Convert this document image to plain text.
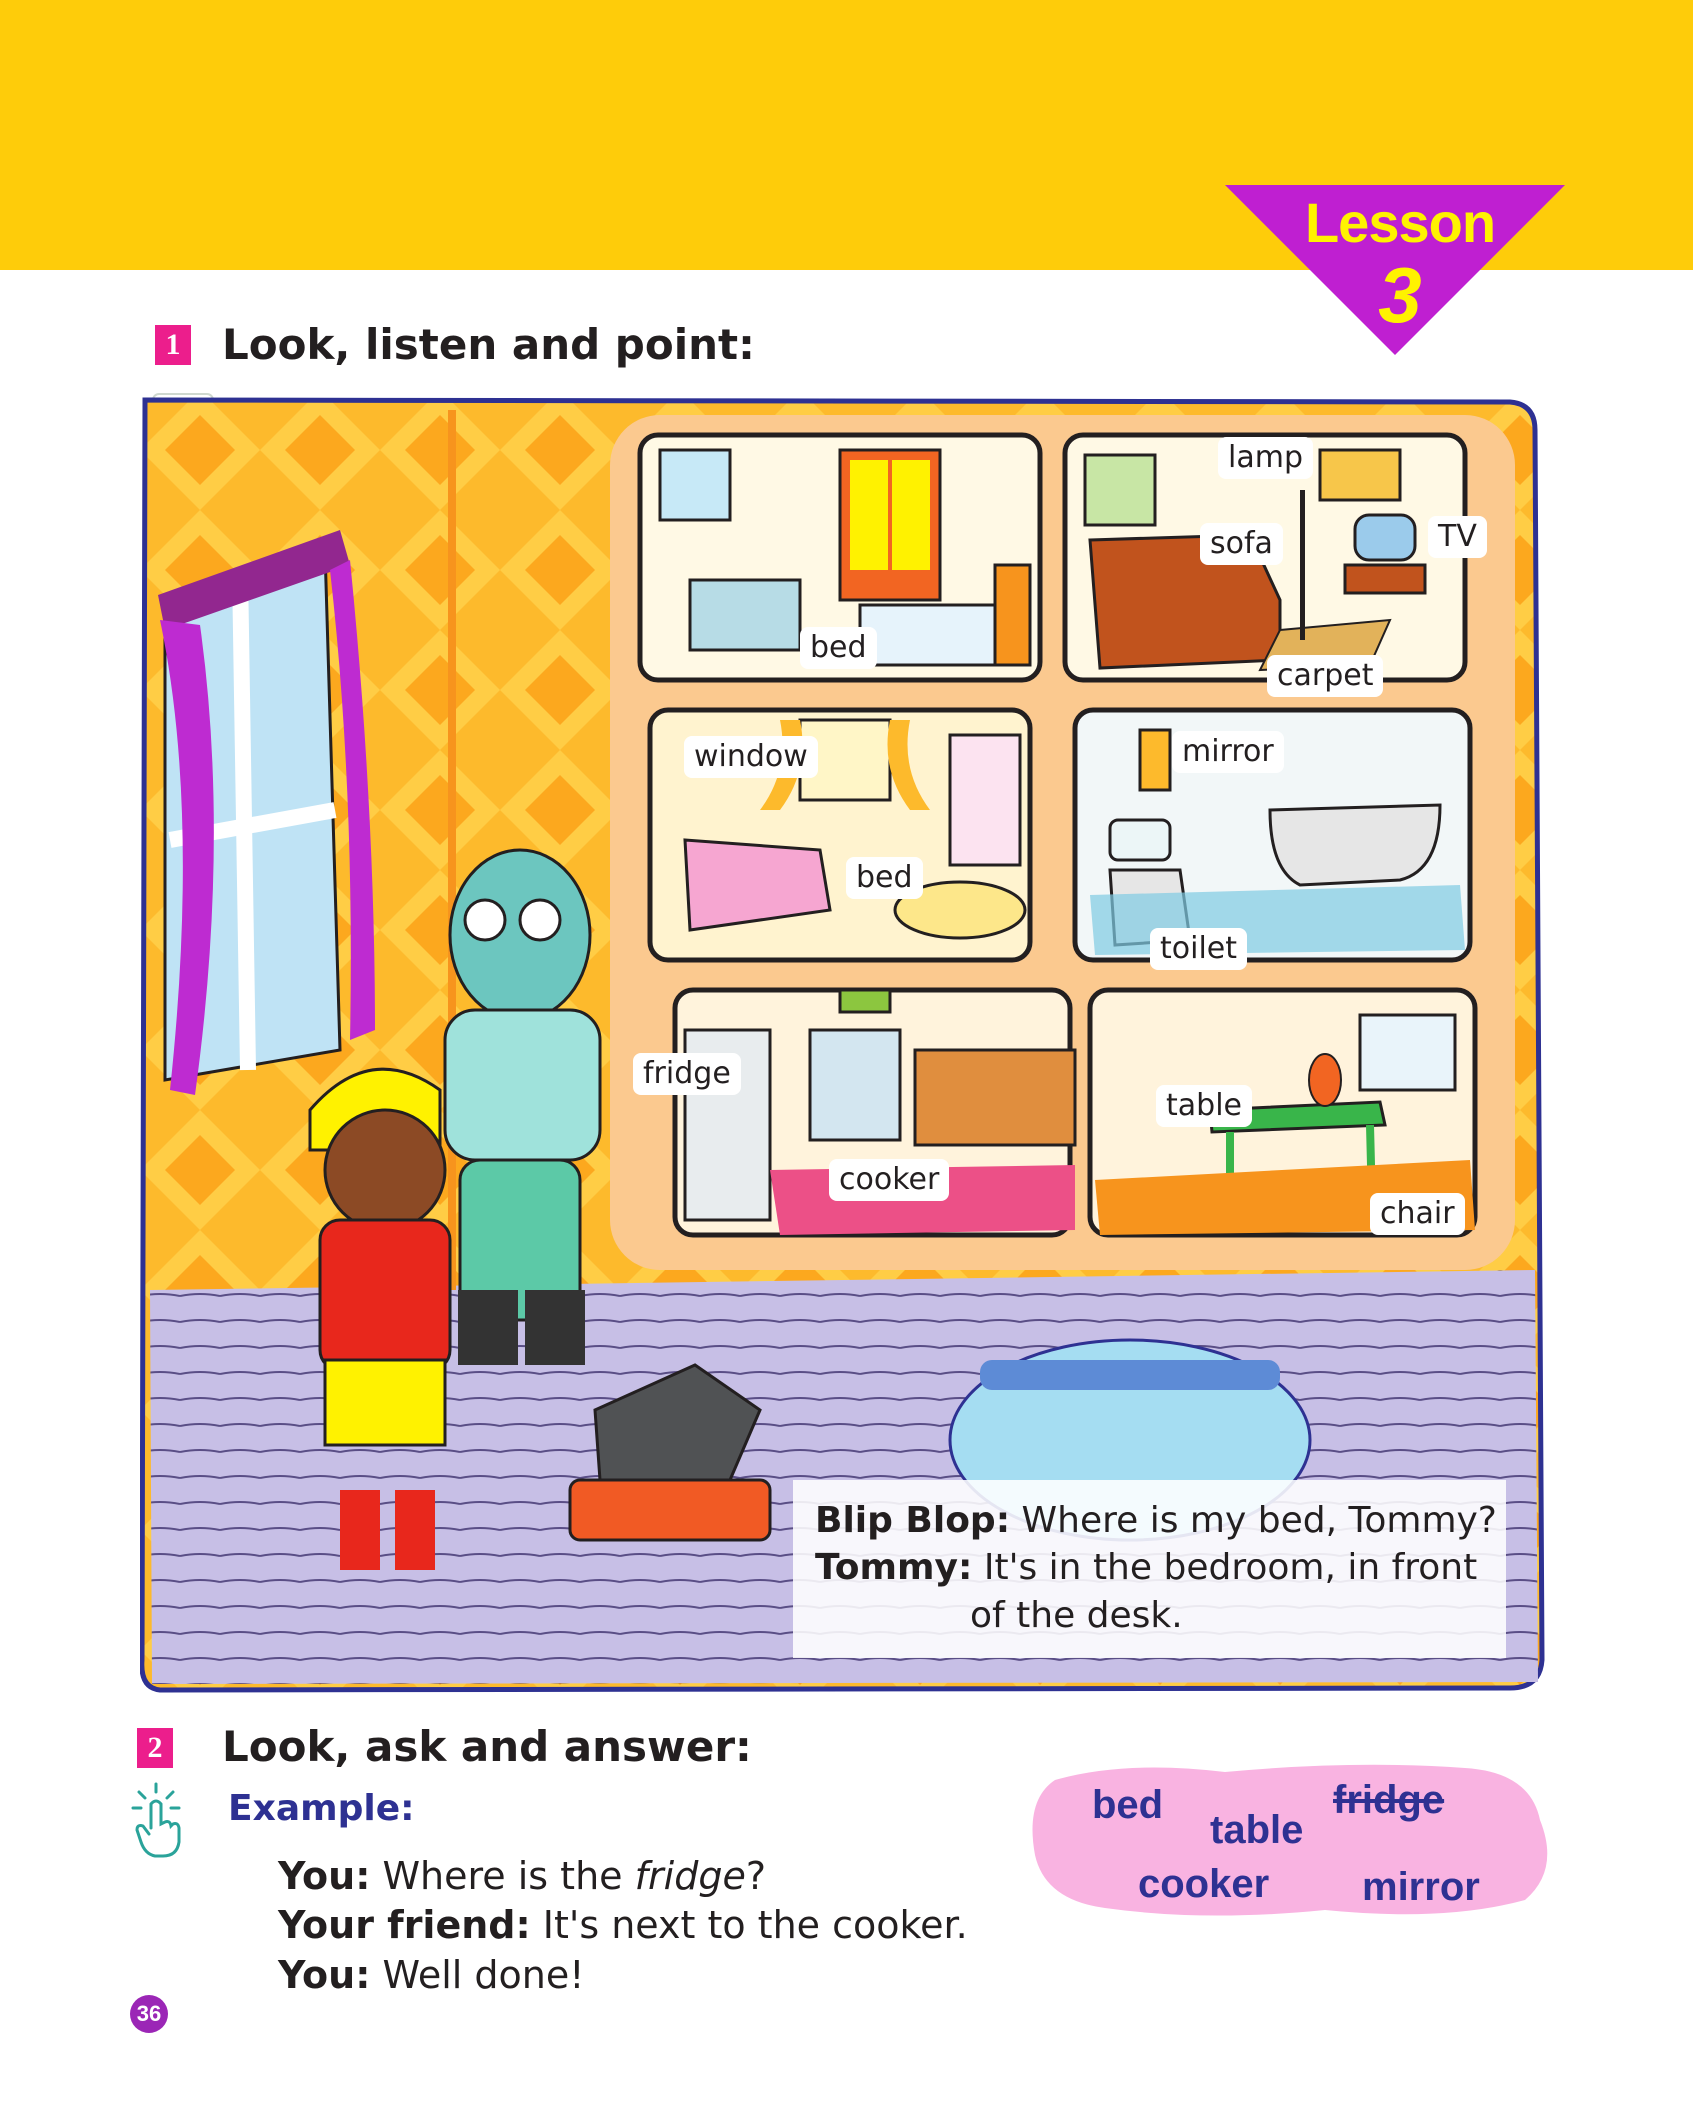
Lesson
3
1 Look, listen and point:
bed
lamp
sofa	TV
carpet
window
bed
mirror
toilet
fridge
cooker
table
chair
Blip Blop: Where is my bed, Tommy?
Tommy: It's in the bedroom, in front
of the desk.
2 Look, ask and answer:
Example:
You: Where is the fridge?
Your friend: It's next to the cooker.
You: Well done!
bed
table
fridge
cooker mirror
36
